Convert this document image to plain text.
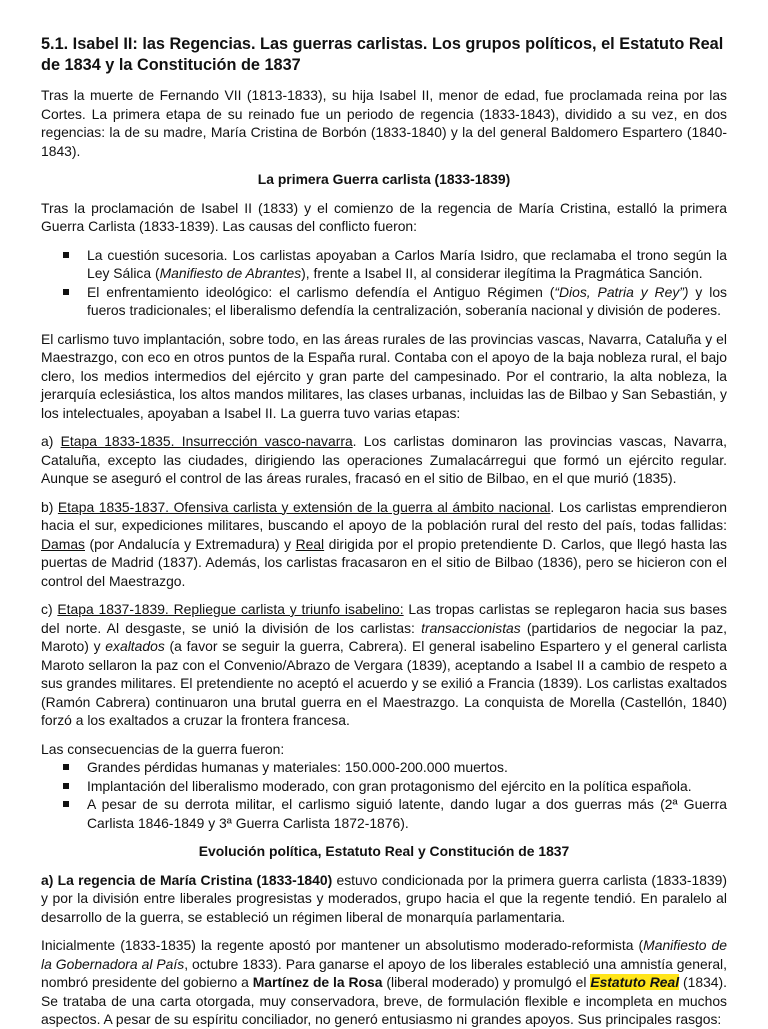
5.1. Isabel II: las Regencias. Las guerras carlistas. Los grupos políticos, el Estatuto Real de 1834 y la Constitución de 1837

Tras la muerte de Fernando VII (1813-1833), su hija Isabel II, menor de edad, fue proclamada reina por las Cortes. La primera etapa de su reinado fue un periodo de regencia (1833-1843), dividido a su vez, en dos regencias: la de su madre, María Cristina de Borbón (1833-1840) y la del general Baldomero Espartero (1840-1843).

La primera Guerra carlista (1833-1839)

Tras la proclamación de Isabel II (1833) y el comienzo de la regencia de María Cristina, estalló la primera Guerra Carlista (1833-1839). Las causas del conflicto fueron:

La cuestión sucesoria. Los carlistas apoyaban a Carlos María Isidro, que reclamaba el trono según la Ley Sálica (Manifiesto de Abrantes), frente a Isabel II, al considerar ilegítima la Pragmática Sanción.
El enfrentamiento ideológico: el carlismo defendía el Antiguo Régimen (“Dios, Patria y Rey”) y los fueros tradicionales; el liberalismo defendía la centralización, soberanía nacional y división de poderes.

El carlismo tuvo implantación, sobre todo, en las áreas rurales de las provincias vascas, Navarra, Cataluña y el Maestrazgo, con eco en otros puntos de la España rural. Contaba con el apoyo de la baja nobleza rural, el bajo clero, los medios intermedios del ejército y gran parte del campesinado. Por el contrario, la alta nobleza, la jerarquía eclesiástica, los altos mandos militares, las clases urbanas, incluidas las de Bilbao y San Sebastián, y los intelectuales, apoyaban a Isabel II. La guerra tuvo varias etapas:

a) Etapa 1833-1835. Insurrección vasco-navarra. Los carlistas dominaron las provincias vascas, Navarra, Cataluña, excepto las ciudades, dirigiendo las operaciones Zumalacárregui que formó un ejército regular. Aunque se aseguró el control de las áreas rurales, fracasó en el sitio de Bilbao, en el que murió (1835).

b) Etapa 1835-1837. Ofensiva carlista y extensión de la guerra al ámbito nacional. Los carlistas emprendieron hacia el sur, expediciones militares, buscando el apoyo de la población rural del resto del país, todas fallidas: Damas (por Andalucía y Extremadura) y Real dirigida por el propio pretendiente D. Carlos, que llegó hasta las puertas de Madrid (1837). Además, los carlistas fracasaron en el sitio de Bilbao (1836), pero se hicieron con el control del Maestrazgo.

c) Etapa 1837-1839. Repliegue carlista y triunfo isabelino: Las tropas carlistas se replegaron hacia sus bases del norte. Al desgaste, se unió la división de los carlistas: transaccionistas (partidarios de negociar la paz, Maroto) y exaltados (a favor se seguir la guerra, Cabrera). El general isabelino Espartero y el general carlista Maroto sellaron la paz con el Convenio/Abrazo de Vergara (1839), aceptando a Isabel II a cambio de respeto a sus grandes militares. El pretendiente no aceptó el acuerdo y se exilió a Francia (1839). Los carlistas exaltados (Ramón Cabrera) continuaron una brutal guerra en el Maestrazgo. La conquista de Morella (Castellón, 1840) forzó a los exaltados a cruzar la frontera francesa.

Las consecuencias de la guerra fueron:

Grandes pérdidas humanas y materiales: 150.000-200.000 muertos.
Implantación del liberalismo moderado, con gran protagonismo del ejército en la política española.
A pesar de su derrota militar, el carlismo siguió latente, dando lugar a dos guerras más (2ª Guerra Carlista 1846-1849 y 3ª Guerra Carlista 1872-1876).
Evolución política, Estatuto Real y Constitución de 1837

a) La regencia de María Cristina (1833-1840) estuvo condicionada por la primera guerra carlista (1833-1839) y por la división entre liberales progresistas y moderados, grupo hacia el que la regente tendió. En paralelo al desarrollo de la guerra, se estableció un régimen liberal de monarquía parlamentaria.

Inicialmente (1833-1835) la regente apostó por mantener un absolutismo moderado-reformista (Manifiesto de la Gobernadora al País, octubre 1833). Para ganarse el apoyo de los liberales estableció una amnistía general, nombró presidente del gobierno a Martínez de la Rosa (liberal moderado) y promulgó el Estatuto Real (1834). Se trataba de una carta otorgada, muy conservadora, breve, de formulación flexible e incompleta en muchos aspectos. A pesar de su espíritu conciliador, no generó entusiasmo ni grandes apoyos. Sus principales rasgos:
